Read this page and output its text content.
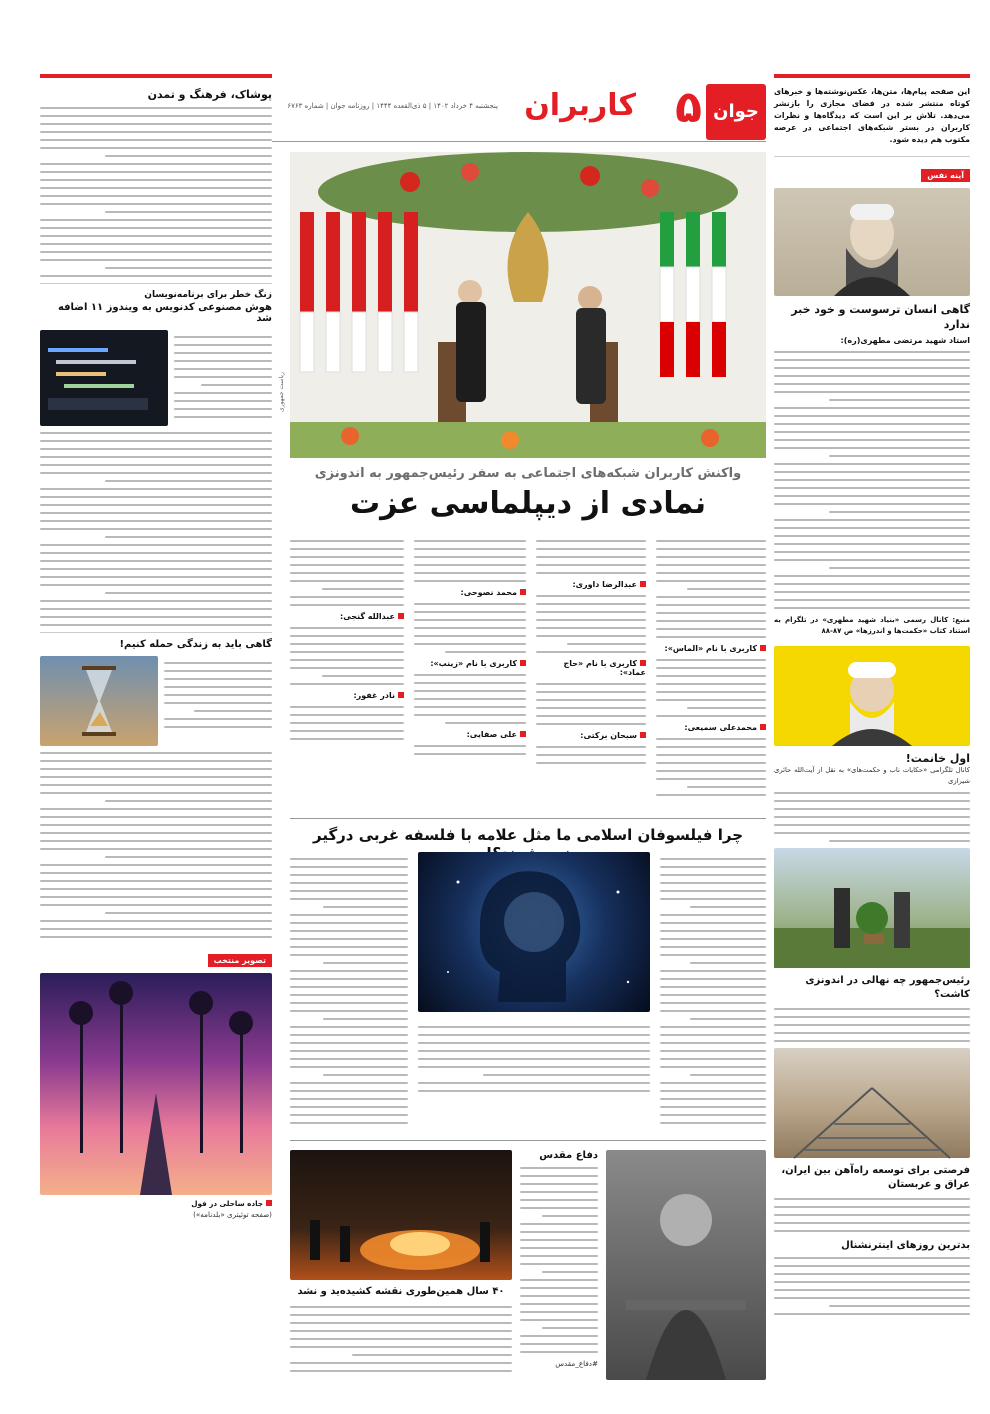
جوان
۵
کاربران
پنجشنبه ۴ خرداد ۱۴۰۲ | ۵ ذی‌القعده ۱۴۴۴ | روزنامه جوان | شماره ۶۷۶۳
این صفحه پیام‌ها، متن‌ها، عکس‌نوشته‌ها و خبرهای کوتاه منتشر شده در فضای مجازی را بازنشر می‌دهد. تلاش بر این است که دیدگاه‌ها و نظرات کاربران در بستر شبکه‌های اجتماعی در عرصه مکتوب هم دیده شود.
آینه نفس
گاهی انسان ترسوست و خود خبر ندارد
استاد شهید مرتضی مطهری(ره):
منبع: کانال رسمی «بنیاد شهید مطهری» در تلگرام به استناد کتاب «حکمت‌ها و اندرزها» ص ۸۷-۸۸
اول خانمت!
کانال تلگرامی «حکایات ناب و حکمت‌های» به نقل از آیت‌الله حائری شیرازی
رئیس‌جمهور چه نهالی در اندونزی کاشت؟
فرصتی برای توسعه راه‌آهن بین ایران، عراق و عربستان
بدترین روزهای اینترنشنال
ریاست جمهوری
واکنش کاربران شبکه‌های اجتماعی به سفر رئیس‌جمهور به اندونزی
نمادی از دیپلماسی عزت
کاربری با نام «الماس»:
محمدعلی سمیعی:
عبدالرضا داوری:
کاربری با نام «حاج عماد»:
سبحان برکتی:
محمد نصوحی:
کاربری با نام «زینب»:
علی صفایی:
عبدالله گنجی:
نادر غفور:
چرا فیلسوفان اسلامی ما مثل علامه با فلسفه غربی درگیر
دفاع مقدس
#دفاع_مقدس
۴۰ سال همین‌طوری نقشه کشیده‌ید و نشد
پوشاک، فرهنگ و تمدن
زنگ خطر برای برنامه‌نویسان
هوش مصنوعی کدنویس به ویندوز ۱۱ اضافه شد
گاهی باید به زندگی حمله کنیم!
تصویر منتخب
جاده ساحلی در فول
(صفحه توئیتری «بلدنامه»)
